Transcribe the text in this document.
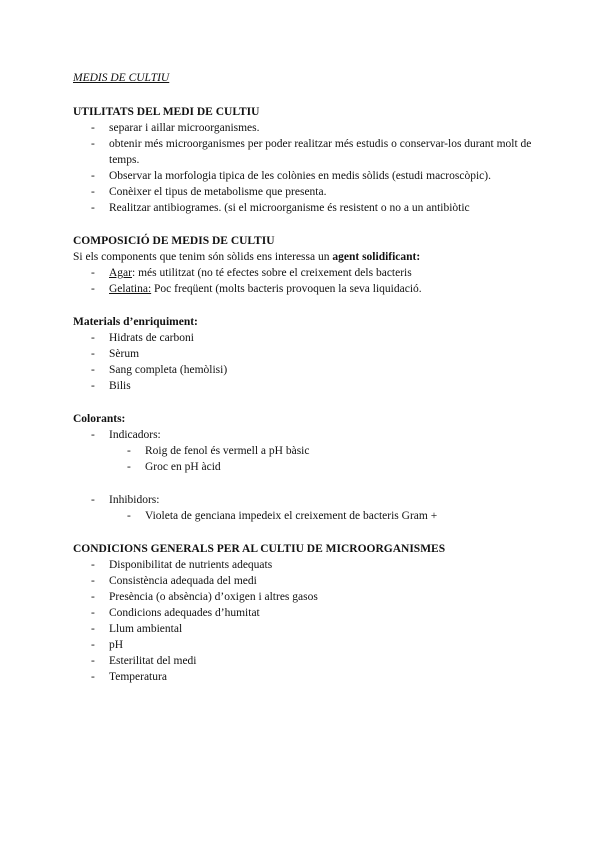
MEDIS DE CULTIU

UTILITATS DEL MEDI DE CULTIU

- separar i aillar microorganismes.
- obtenir més microorganismes per poder realitzar més estudis o conservar-los durant molt de temps.
- Observar la morfologia tipica de les colònies en medis sòlids (estudi macroscòpic).
- Conèixer el tipus de metabolisme que presenta.
- Realitzar antibiogrames. (si el microorganisme és resistent o no a un antibiòtic

COMPOSICIÓ DE MEDIS DE CULTIU

Si els components que tenim són sòlids ens interessa un agent solidificant:

- Agar: més utilitzat (no té efectes sobre el creixement dels bacteris
- Gelatina: Poc freqüent (molts bacteris provoquen la seva liquidació.

Materials d’enriquiment:

- Hidrats de carboni
- Sèrum
- Sang completa (hemòlisi)
- Bilis

Colorants:

- Indicadors:
- Roig de fenol és vermell a pH bàsic
- Groc en pH àcid
- Inhibidors:
- Violeta de genciana impedeix el creixement de bacteris Gram +

CONDICIONS GENERALS PER AL CULTIU DE MICROORGANISMES

- Disponibilitat de nutrients adequats
- Consistència adequada del medi
- Presència (o absència) d’oxigen i altres gasos
- Condicions adequades d’humitat
- Llum ambiental
- pH
- Esterilitat del medi
- Temperatura
